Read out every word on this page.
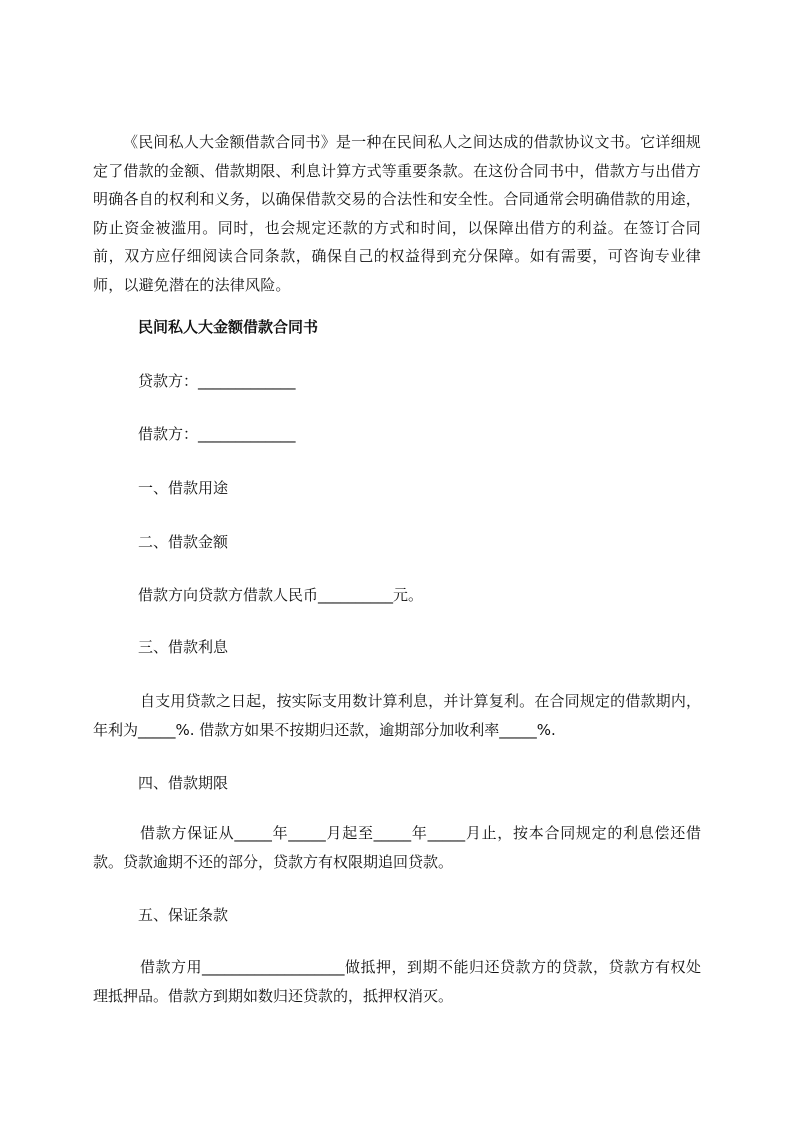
《民间私人大金额借款合同书》是一种在民间私人之间达成的借款协议文书。它详细规定了借款的金额、借款期限、利息计算方式等重要条款。在这份合同书中，借款方与出借方明确各自的权利和义务，以确保借款交易的合法性和安全性。合同通常会明确借款的用途，防止资金被滥用。同时，也会规定还款的方式和时间，以保障出借方的利益。在签订合同前，双方应仔细阅读合同条款，确保自己的权益得到充分保障。如有需要，可咨询专业律师，以避免潜在的法律风险。

民间私人大金额借款合同书

贷款方：_____________

借款方：_____________

一、借款用途

二、借款金额

借款方向贷款方借款人民币__________元。

三、借款利息

自支用贷款之日起，按实际支用数计算利息，并计算复利。在合同规定的借款期内，年利为_____%. 借款方如果不按期归还款，逾期部分加收利率_____%.

四、借款期限

借款方保证从_____年_____月起至_____年_____月止，按本合同规定的利息偿还借款。贷款逾期不还的部分，贷款方有权限期追回贷款。

五、保证条款

借款方用___________________做抵押，到期不能归还贷款方的贷款，贷款方有权处理抵押品。借款方到期如数归还贷款的，抵押权消灭。
